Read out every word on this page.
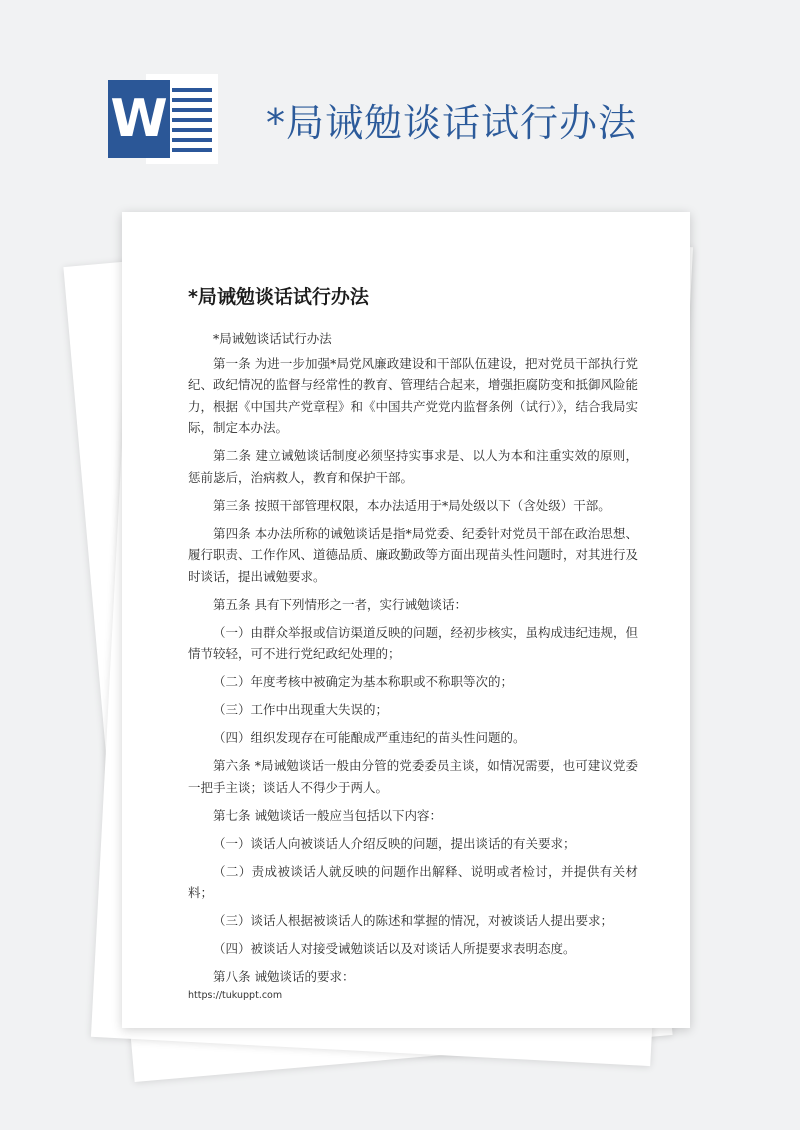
W	*局诫勉谈话试行办法
*局诫勉谈话试行办法

*局诫勉谈话试行办法

第一条 为进一步加强*局党风廉政建设和干部队伍建设，把对党员干部执行党纪、政纪情况的监督与经常性的教育、管理结合起来，增强拒腐防变和抵御风险能力，根据《中国共产党章程》和《中国共产党党内监督条例（试行）》，结合我局实际，制定本办法。

第二条 建立诫勉谈话制度必须坚持实事求是、以人为本和注重实效的原则，惩前毖后，治病救人，教育和保护干部。

第三条 按照干部管理权限，本办法适用于*局处级以下（含处级）干部。

第四条 本办法所称的诫勉谈话是指*局党委、纪委针对党员干部在政治思想、履行职责、工作作风、道德品质、廉政勤政等方面出现苗头性问题时，对其进行及时谈话，提出诫勉要求。

第五条 具有下列情形之一者，实行诫勉谈话：

（一）由群众举报或信访渠道反映的问题，经初步核实，虽构成违纪违规，但情节较轻，可不进行党纪政纪处理的；

（二）年度考核中被确定为基本称职或不称职等次的；

（三）工作中出现重大失误的；

（四）组织发现存在可能酿成严重违纪的苗头性问题的。

第六条 *局诫勉谈话一般由分管的党委委员主谈，如情况需要，也可建议党委一把手主谈；谈话人不得少于两人。

第七条 诫勉谈话一般应当包括以下内容：

（一）谈话人向被谈话人介绍反映的问题，提出谈话的有关要求；

（二）责成被谈话人就反映的问题作出解释、说明或者检讨，并提供有关材料；

（三）谈话人根据被谈话人的陈述和掌握的情况，对被谈话人提出要求；

（四）被谈话人对接受诫勉谈话以及对谈话人所提要求表明态度。

第八条 诫勉谈话的要求：

https://tukuppt.com
